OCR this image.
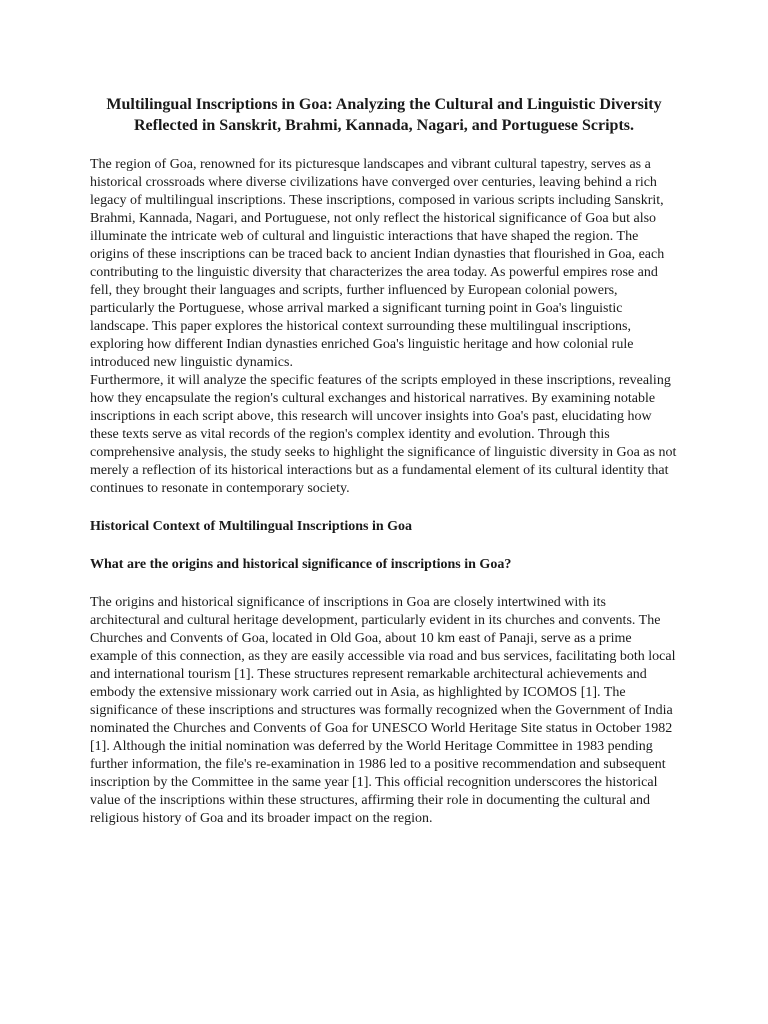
Multilingual Inscriptions in Goa: Analyzing the Cultural and Linguistic Diversity Reflected in Sanskrit, Brahmi, Kannada, Nagari, and Portuguese Scripts.

The region of Goa, renowned for its picturesque landscapes and vibrant cultural tapestry, serves as a historical crossroads where diverse civilizations have converged over centuries, leaving behind a rich legacy of multilingual inscriptions. These inscriptions, composed in various scripts including Sanskrit, Brahmi, Kannada, Nagari, and Portuguese, not only reflect the historical significance of Goa but also illuminate the intricate web of cultural and linguistic interactions that have shaped the region. The origins of these inscriptions can be traced back to ancient Indian dynasties that flourished in Goa, each contributing to the linguistic diversity that characterizes the area today. As powerful empires rose and fell, they brought their languages and scripts, further influenced by European colonial powers, particularly the Portuguese, whose arrival marked a significant turning point in Goa's linguistic landscape. This paper explores the historical context surrounding these multilingual inscriptions, exploring how different Indian dynasties enriched Goa's linguistic heritage and how colonial rule introduced new linguistic dynamics.

Furthermore, it will analyze the specific features of the scripts employed in these inscriptions, revealing how they encapsulate the region's cultural exchanges and historical narratives. By examining notable inscriptions in each script above, this research will uncover insights into Goa's past, elucidating how these texts serve as vital records of the region's complex identity and evolution. Through this comprehensive analysis, the study seeks to highlight the significance of linguistic diversity in Goa as not merely a reflection of its historical interactions but as a fundamental element of its cultural identity that continues to resonate in contemporary society.

Historical Context of Multilingual Inscriptions in Goa
What are the origins and historical significance of inscriptions in Goa?

The origins and historical significance of inscriptions in Goa are closely intertwined with its architectural and cultural heritage development, particularly evident in its churches and convents. The Churches and Convents of Goa, located in Old Goa, about 10 km east of Panaji, serve as a prime example of this connection, as they are easily accessible via road and bus services, facilitating both local and international tourism [1]. These structures represent remarkable architectural achievements and embody the extensive missionary work carried out in Asia, as highlighted by ICOMOS [1]. The significance of these inscriptions and structures was formally recognized when the Government of India nominated the Churches and Convents of Goa for UNESCO World Heritage Site status in October 1982 [1]. Although the initial nomination was deferred by the World Heritage Committee in 1983 pending further information, the file's re-examination in 1986 led to a positive recommendation and subsequent inscription by the Committee in the same year [1]. This official recognition underscores the historical value of the inscriptions within these structures, affirming their role in documenting the cultural and religious history of Goa and its broader impact on the region.
